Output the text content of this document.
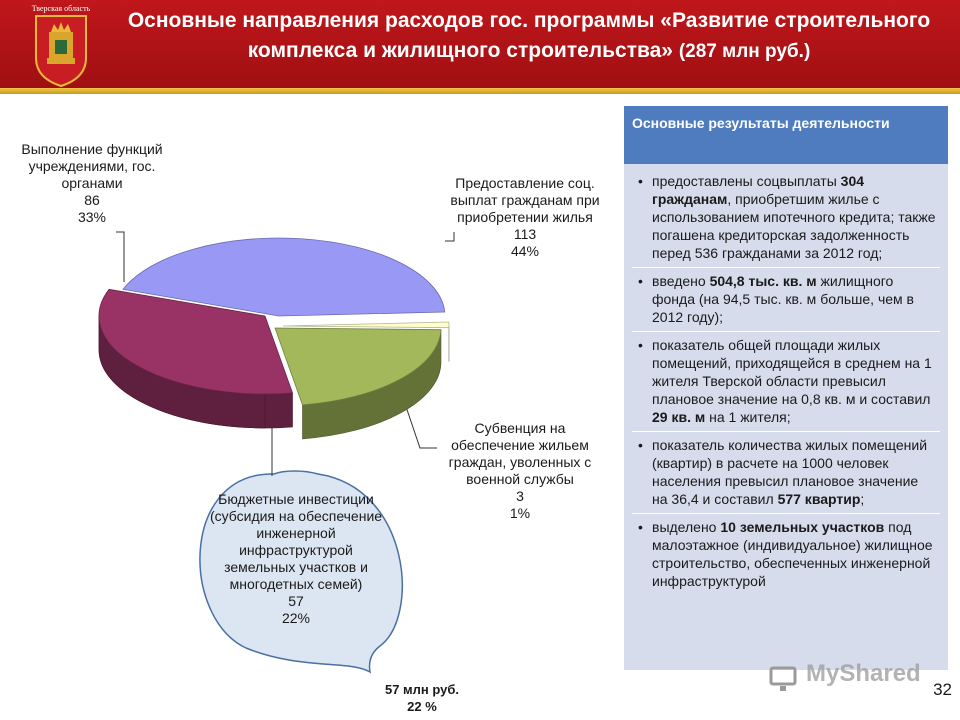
Тверская область
Основные направления расходов гос. программы «Развитие строительного комплекса и жилищного строительства» (287 млн руб.)
Выполнение функций учреждениями, гос. органами
86
33%
Предоставление соц. выплат гражданам при приобретении жилья
113
44%
Субвенция на обеспечение жильем граждан, уволенных с военной службы
3
1%
Бюджетные инвестиции (субсидия на обеспечение инженерной инфраструктурой земельных участков и многодетных семей)
57
22%
57 млн руб.
22 %
Основные результаты деятельности
• предоставлены соцвыплаты 304 гражданам, приобретшим жилье с использованием ипотечного кредита; также погашена кредиторская задолженность перед 536 гражданами за 2012 год;
• введено 504,8 тыс. кв. м жилищного фонда (на 94,5 тыс. кв. м больше, чем в 2012 году);
• показатель общей площади жилых помещений, приходящейся в среднем на 1 жителя Тверской области превысил плановое значение на 0,8 кв. м и составил 29 кв. м на 1 жителя;
• показатель количества жилых помещений (квартир) в расчете на 1000 человек населения превысил плановое значение на 36,4 и составил 577 квартир;
• выделено 10 земельных участков под малоэтажное (индивидуальное) жилищное строительство, обеспеченных инженерной инфраструктурой
MyShared
32
